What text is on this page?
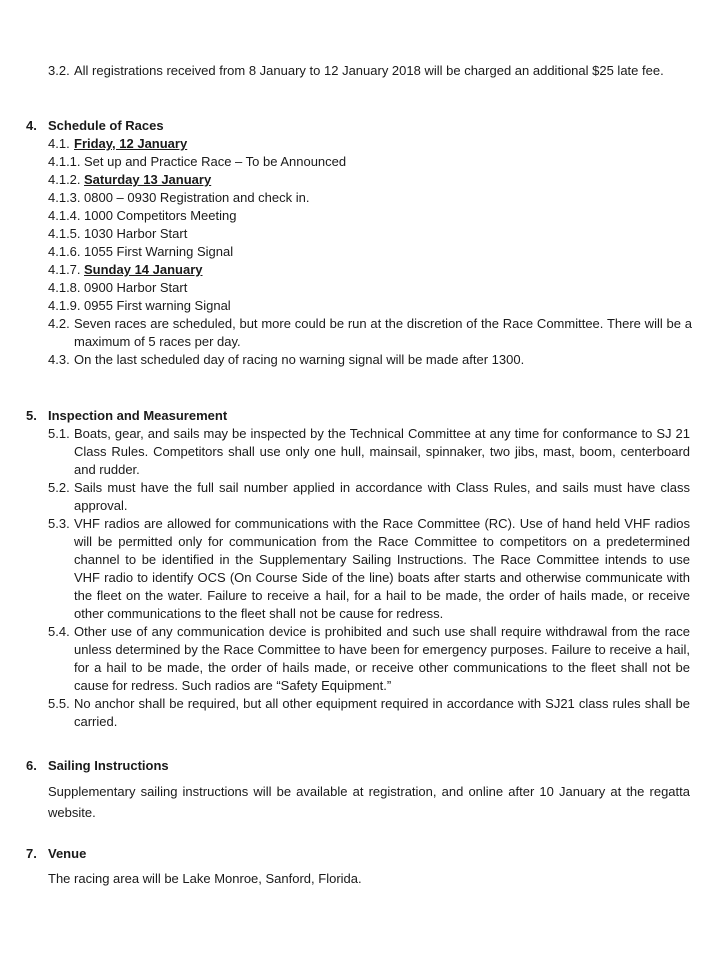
3.2. All registrations received from 8 January to 12 January 2018 will be charged an additional $25 late fee.
4. Schedule of Races
4.1. Friday, 12 January
4.1.1. Set up and Practice Race – To be Announced
4.1.2. Saturday 13 January
4.1.3. 0800 – 0930 Registration and check in.
4.1.4. 1000 Competitors Meeting
4.1.5. 1030 Harbor Start
4.1.6. 1055 First Warning Signal
4.1.7. Sunday 14 January
4.1.8. 0900 Harbor Start
4.1.9. 0955 First warning Signal
4.2. Seven races are scheduled, but more could be run at the discretion of the Race Committee. There will be a maximum of 5 races per day.
4.3. On the last scheduled day of racing no warning signal will be made after 1300.
5. Inspection and Measurement
5.1. Boats, gear, and sails may be inspected by the Technical Committee at any time for conformance to SJ 21 Class Rules. Competitors shall use only one hull, mainsail, spinnaker, two jibs, mast, boom, centerboard and rudder.
5.2. Sails must have the full sail number applied in accordance with Class Rules, and sails must have class approval.
5.3. VHF radios are allowed for communications with the Race Committee (RC). Use of hand held VHF radios will be permitted only for communication from the Race Committee to competitors on a predetermined channel to be identified in the Supplementary Sailing Instructions. The Race Committee intends to use VHF radio to identify OCS (On Course Side of the line) boats after starts and otherwise communicate with the fleet on the water. Failure to receive a hail, for a hail to be made, the order of hails made, or receive other communications to the fleet shall not be cause for redress.
5.4. Other use of any communication device is prohibited and such use shall require withdrawal from the race unless determined by the Race Committee to have been for emergency purposes. Failure to receive a hail, for a hail to be made, the order of hails made, or receive other communications to the fleet shall not be cause for redress. Such radios are “Safety Equipment.”
5.5. No anchor shall be required, but all other equipment required in accordance with SJ21 class rules shall be carried.
6. Sailing Instructions
Supplementary sailing instructions will be available at registration, and online after 10 January at the regatta website.
7. Venue
The racing area will be Lake Monroe, Sanford, Florida.
